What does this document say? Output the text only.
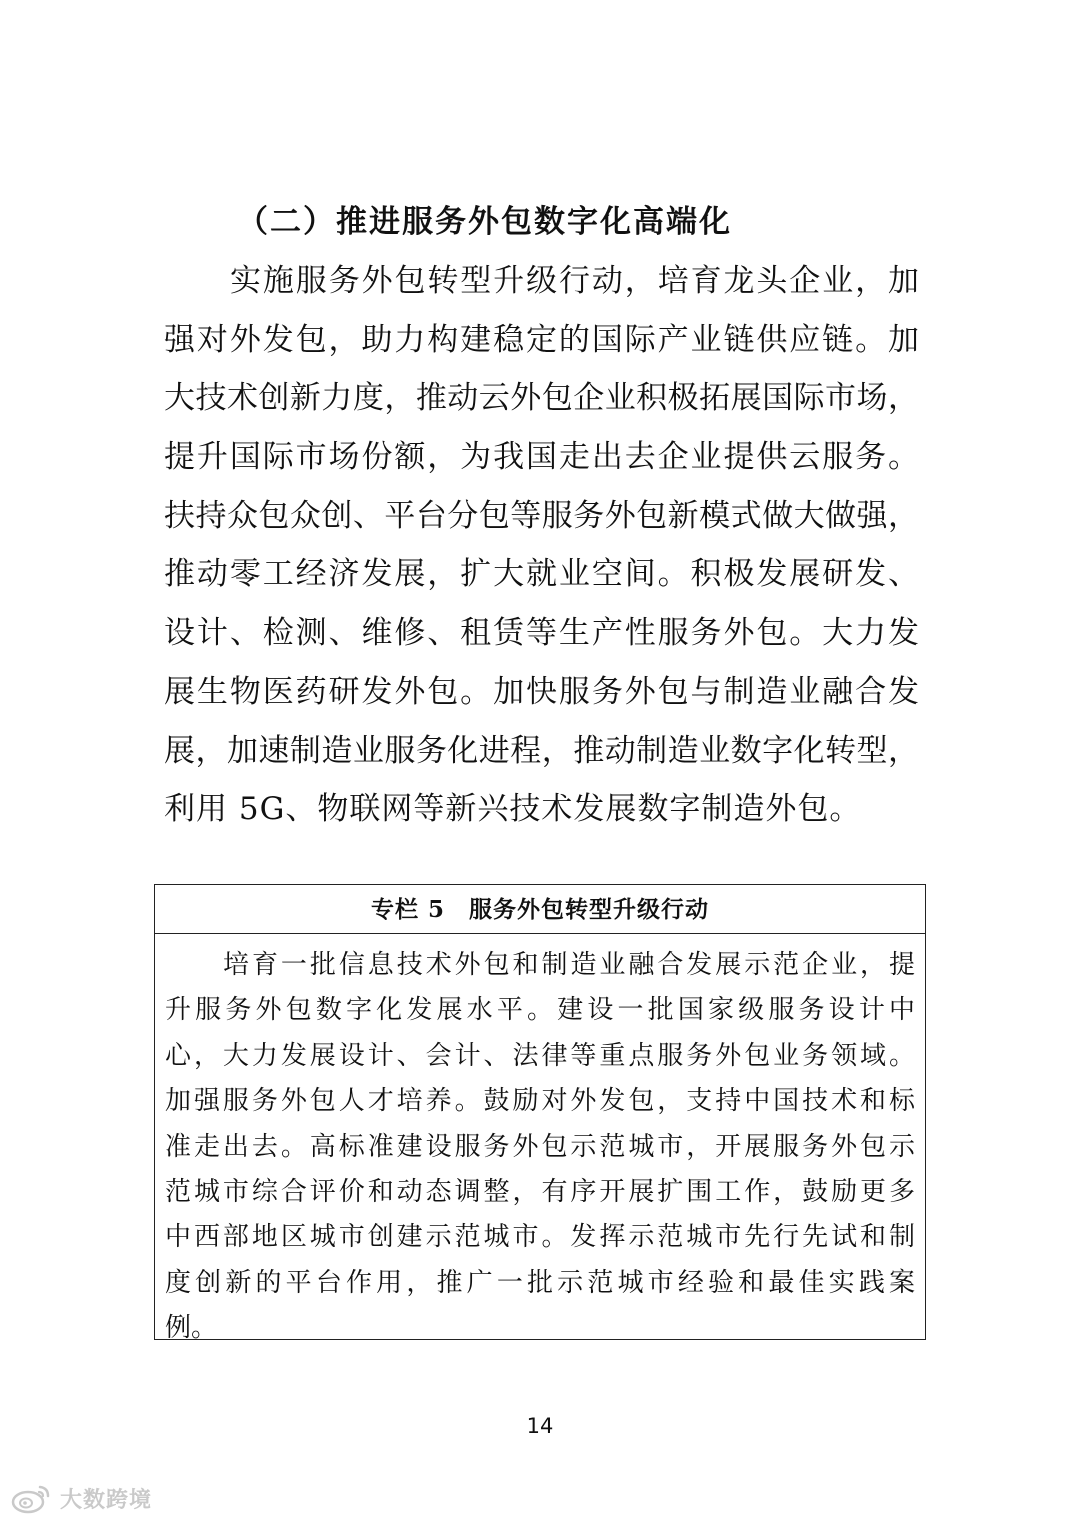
（二）推进服务外包数字化高端化
实施服务外包转型升级行动，培育龙头企业，加
强对外发包，助力构建稳定的国际产业链供应链。加
大技术创新力度，推动云外包企业积极拓展国际市场，
提升国际市场份额，为我国走出去企业提供云服务。
扶持众包众创、平台分包等服务外包新模式做大做强，
推动零工经济发展，扩大就业空间。积极发展研发、
设计、检测、维修、租赁等生产性服务外包。大力发
展生物医药研发外包。加快服务外包与制造业融合发
展，加速制造业服务化进程，推动制造业数字化转型，
利用 5G、物联网等新兴技术发展数字制造外包。
专栏 5　服务外包转型升级行动
培育一批信息技术外包和制造业融合发展示范企业，提
升服务外包数字化发展水平。建设一批国家级服务设计中
心，大力发展设计、会计、法律等重点服务外包业务领域。
加强服务外包人才培养。鼓励对外发包，支持中国技术和标
准走出去。高标准建设服务外包示范城市，开展服务外包示
范城市综合评价和动态调整，有序开展扩围工作，鼓励更多
中西部地区城市创建示范城市。发挥示范城市先行先试和制
度创新的平台作用，推广一批示范城市经验和最佳实践案
例。
14
大数跨境
